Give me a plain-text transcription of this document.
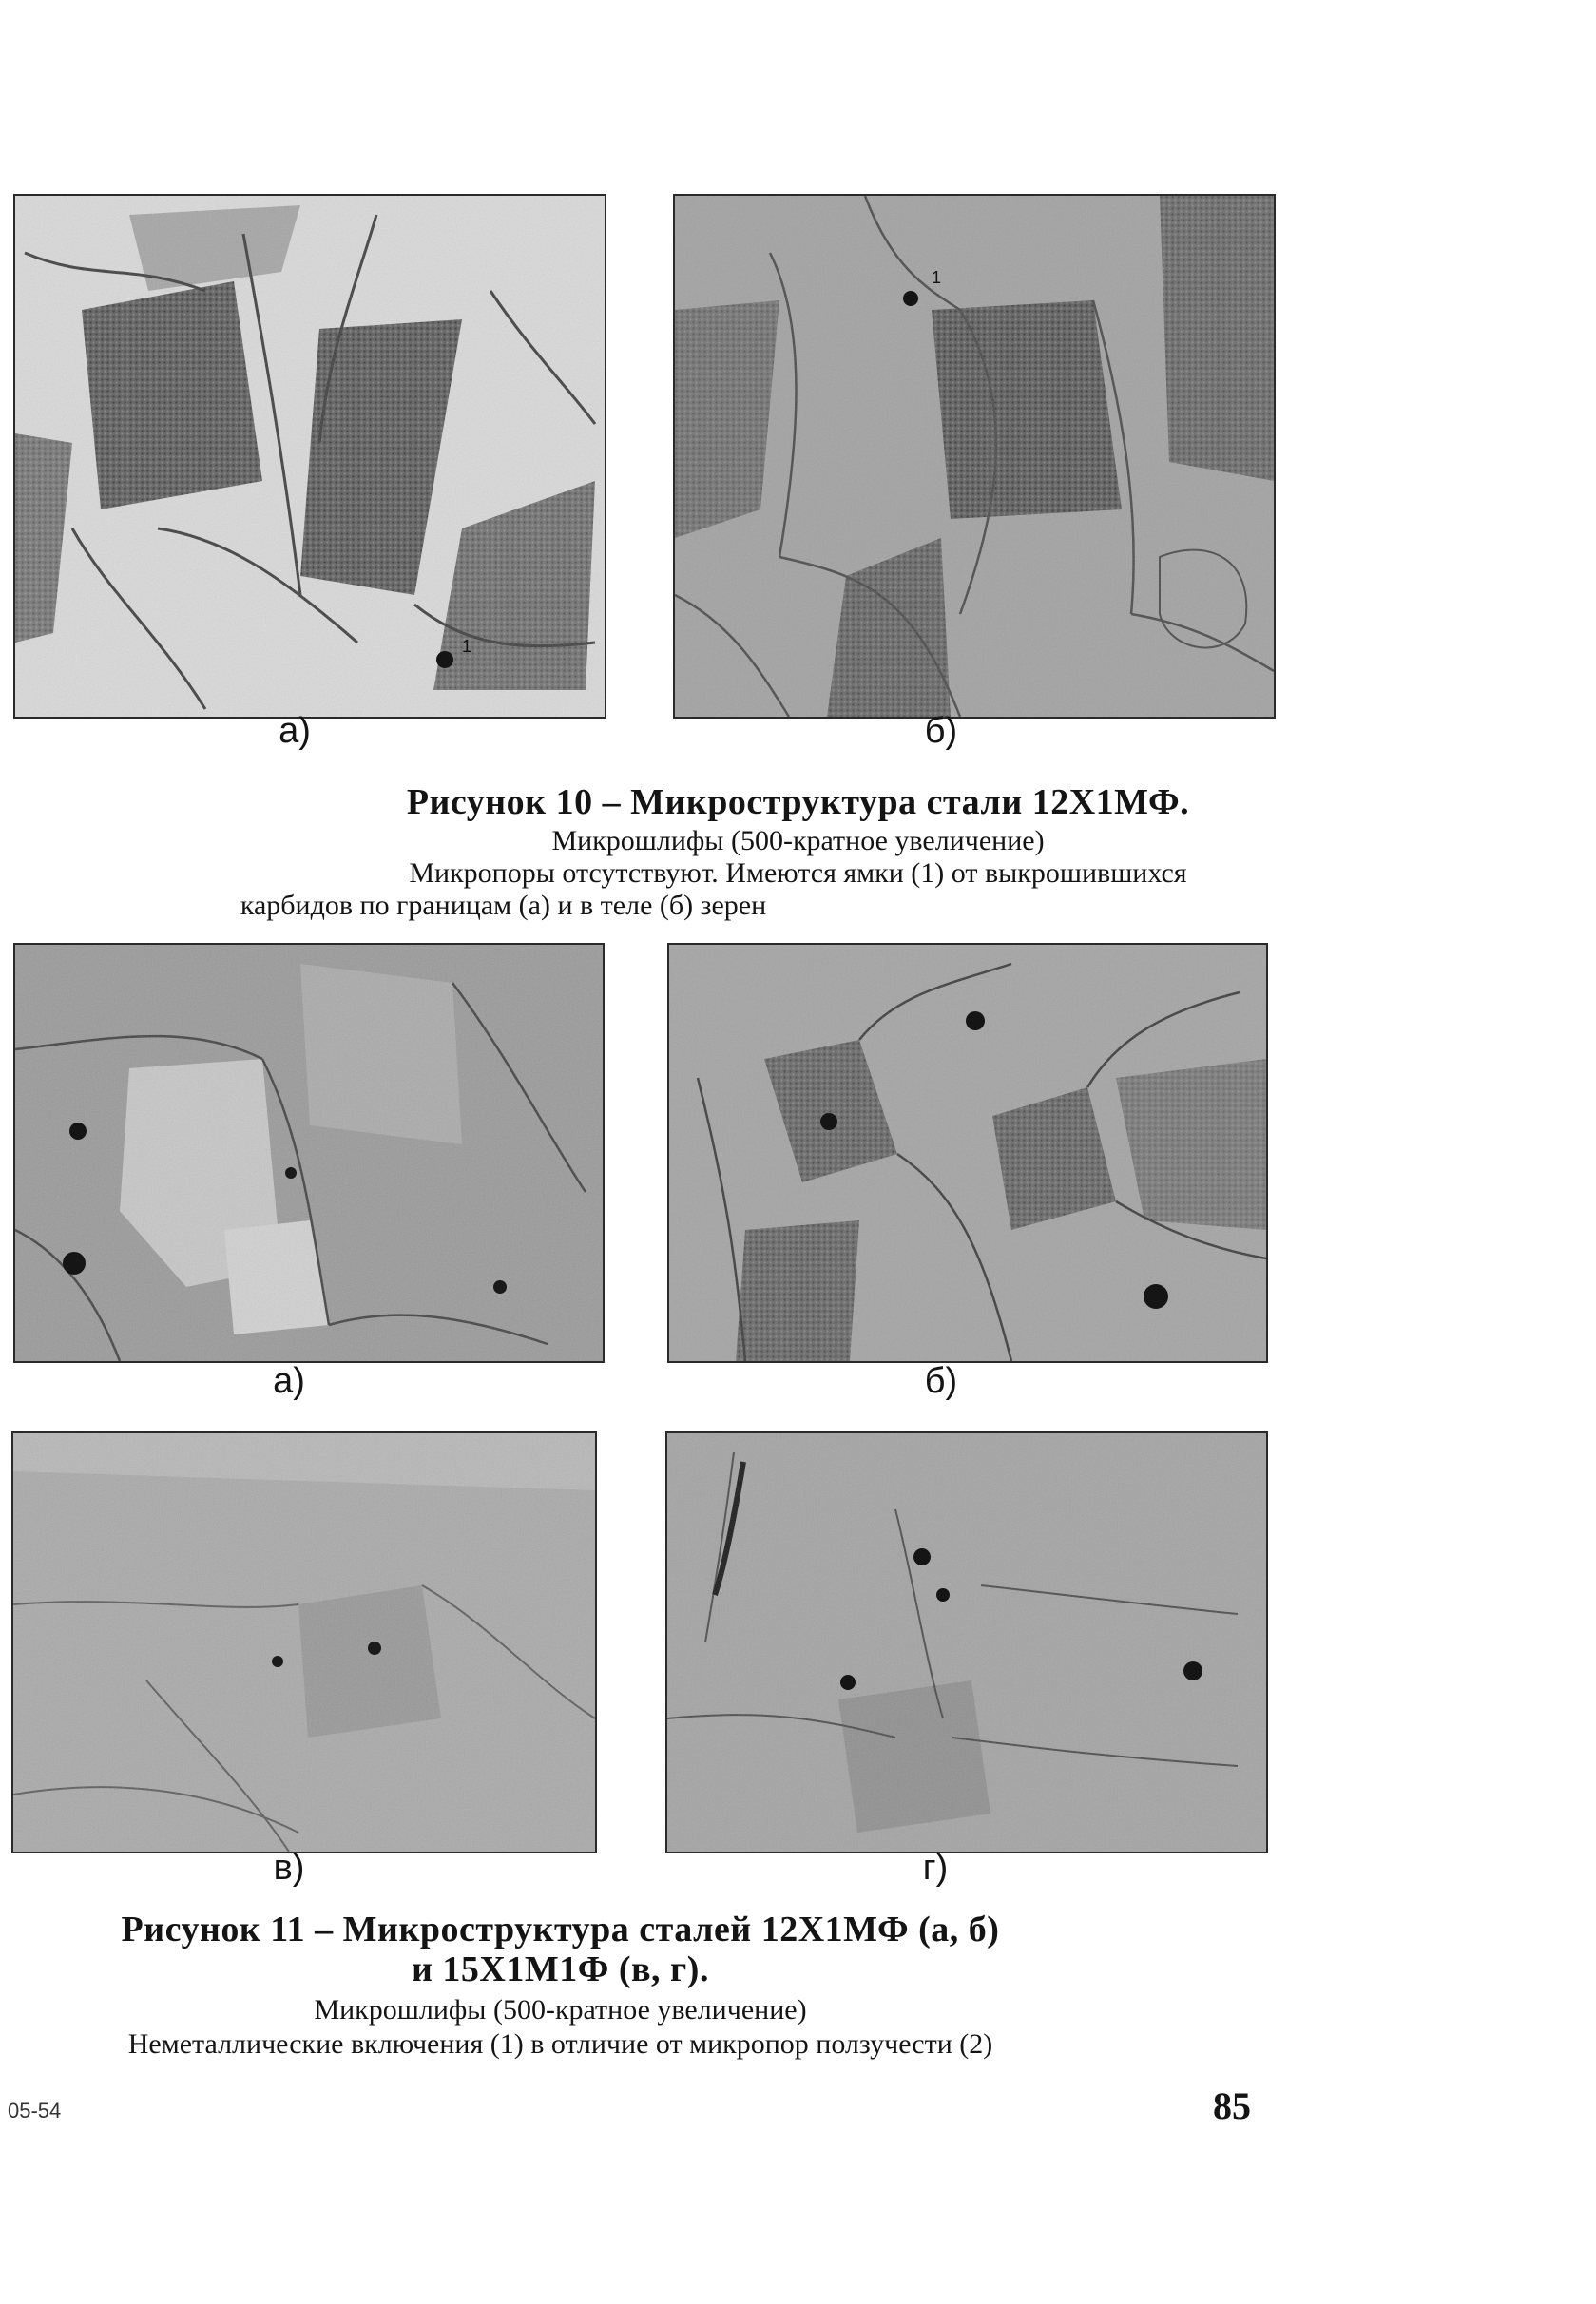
1
а)
1
б)
Рисунок 10 – Микроструктура стали 12Х1МФ.
Микрошлифы (500-кратное увеличение)
Микропоры отсутствуют. Имеются ямки (1) от выкрошившихся
карбидов по границам (а) и в теле (б) зерен
а)	б)
в)	г)
Рисунок 11 – Микроструктура сталей 12Х1МФ (а, б)
и 15Х1М1Ф (в, г).
Микрошлифы (500-кратное увеличение)
Неметаллические включения (1) в отличие от микропор ползучести (2)
05-54	85
